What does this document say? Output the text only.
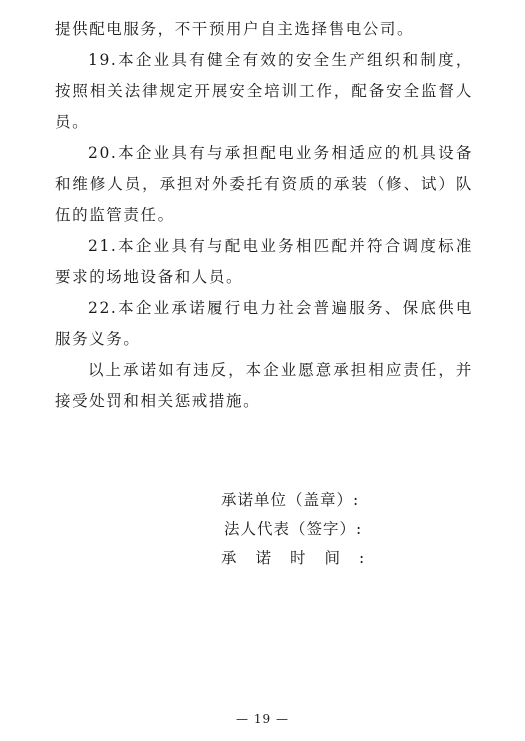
提供配电服务，不干预用户自主选择售电公司。

19.本企业具有健全有效的安全生产组织和制度，按照相关法律规定开展安全培训工作，配备安全监督人员。

20.本企业具有与承担配电业务相适应的机具设备和维修人员，承担对外委托有资质的承装（修、试）队伍的监管责任。

21.本企业具有与配电业务相匹配并符合调度标准要求的场地设备和人员。

22.本企业承诺履行电力社会普遍服务、保底供电服务义务。

以上承诺如有违反，本企业愿意承担相应责任，并接受处罚和相关惩戒措施。

承诺单位（盖章）:
法人代表（签字）:
承诺时间:
— 19 —
